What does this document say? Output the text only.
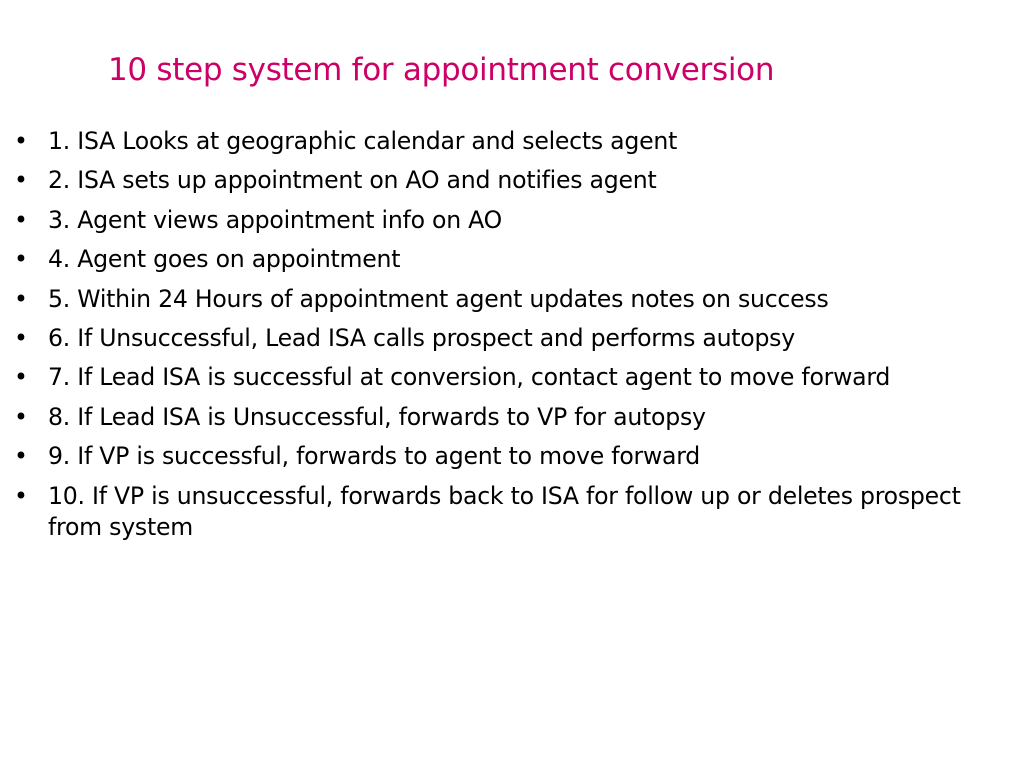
10 step system for appointment conversion
• 1. ISA Looks at geographic calendar and selects agent
• 2. ISA sets up appointment on AO and notifies agent
• 3. Agent views appointment info on AO
• 4. Agent goes on appointment
• 5. Within 24 Hours of appointment agent updates notes on success
• 6. If Unsuccessful, Lead ISA calls prospect and performs autopsy
• 7. If Lead ISA is successful at conversion, contact agent to move forward
• 8. If Lead ISA is Unsuccessful, forwards to VP for autopsy
• 9. If VP is successful, forwards to agent to move forward
• 10. If VP is unsuccessful, forwards back to ISA for follow up or deletes prospect from system
